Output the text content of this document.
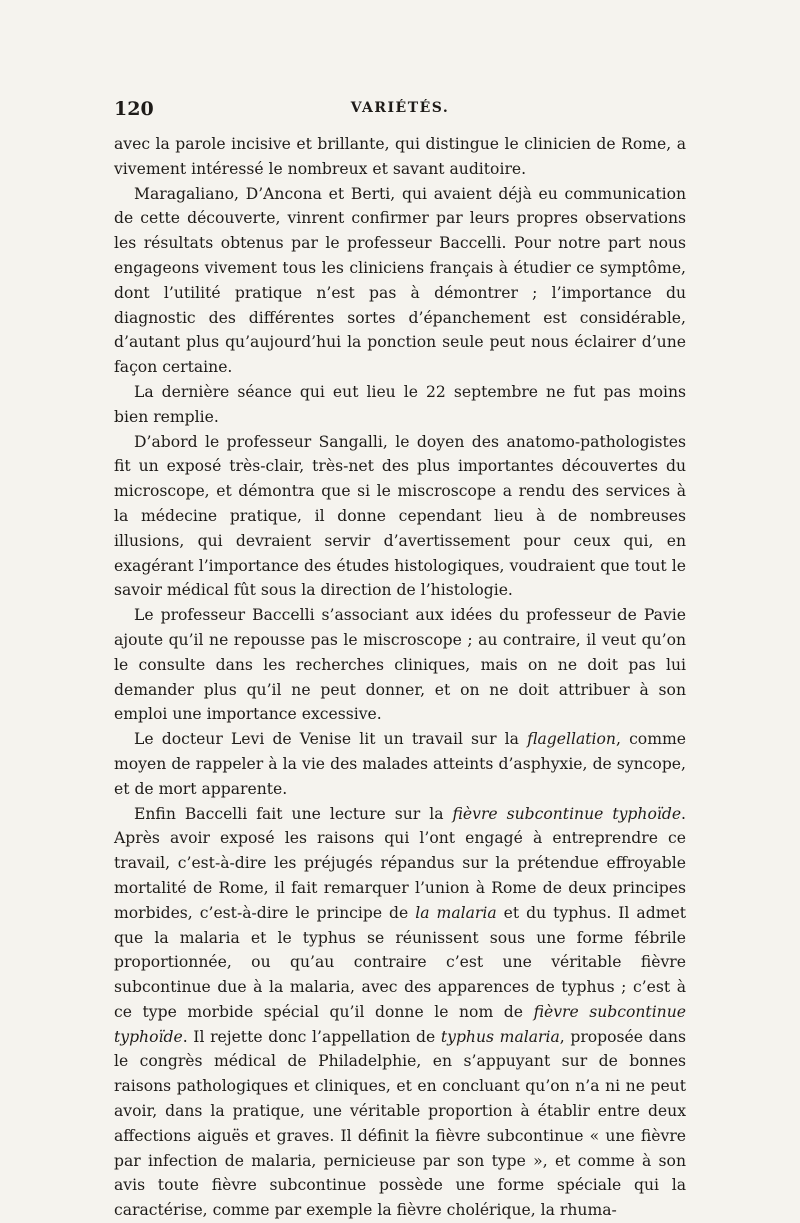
120	VARIÉTÉS.

avec la parole incisive et brillante, qui distingue le clinicien de Rome, a vivement intéressé le nombreux et savant auditoire.

Maragaliano, D’Ancona et Berti, qui avaient déjà eu communication de cette découverte, vinrent confirmer par leurs propres observations les résultats obtenus par le professeur Baccelli. Pour notre part nous engageons vivement tous les cliniciens français à étudier ce symptôme, dont l’utilité pratique n’est pas à démontrer ; l’importance du diagnostic des différentes sortes d’épanchement est considérable, d’autant plus qu’aujourd’hui la ponction seule peut nous éclairer d’une façon certaine.

La dernière séance qui eut lieu le 22 septembre ne fut pas moins bien remplie.

D’abord le professeur Sangalli, le doyen des anatomo-pathologistes fit un exposé très-clair, très-net des plus importantes découvertes du microscope, et démontra que si le miscroscope a rendu des services à la médecine pratique, il donne cependant lieu à de nombreuses illusions, qui devraient servir d’avertissement pour ceux qui, en exagérant l’importance des études histologiques, voudraient que tout le savoir médical fût sous la direction de l’histologie.

Le professeur Baccelli s’associant aux idées du professeur de Pavie ajoute qu’il ne repousse pas le miscroscope ; au contraire, il veut qu’on le consulte dans les recherches cliniques, mais on ne doit pas lui demander plus qu’il ne peut donner, et on ne doit attribuer à son emploi une importance excessive.

Le docteur Levi de Venise lit un travail sur la flagellation, comme moyen de rappeler à la vie des malades atteints d’asphyxie, de syncope, et de mort apparente.

Enfin Baccelli fait une lecture sur la fièvre subcontinue typhoïde. Après avoir exposé les raisons qui l’ont engagé à entreprendre ce travail, c’est-à-dire les préjugés répandus sur la prétendue effroyable mortalité de Rome, il fait remarquer l’union à Rome de deux principes morbides, c’est-à-dire le principe de la malaria et du typhus. Il admet que la malaria et le typhus se réunissent sous une forme fébrile proportionnée, ou qu’au contraire c’est une véritable fièvre subcontinue due à la malaria, avec des apparences de typhus ; c’est à ce type morbide spécial qu’il donne le nom de fièvre subcontinue typhoïde. Il rejette donc l’appellation de typhus malaria, proposée dans le congrès médical de Philadelphie, en s’appuyant sur de bonnes raisons pathologiques et cliniques, et en concluant qu’on n’a ni ne peut avoir, dans la pratique, une véritable proportion à établir entre deux affections aiguës et graves. Il définit la fièvre subcontinue « une fièvre par infection de malaria, pernicieuse par son type », et comme à son avis toute fièvre subcontinue possède une forme spéciale qui la caractérise, comme par exemple la fièvre cholérique, la rhuma-
